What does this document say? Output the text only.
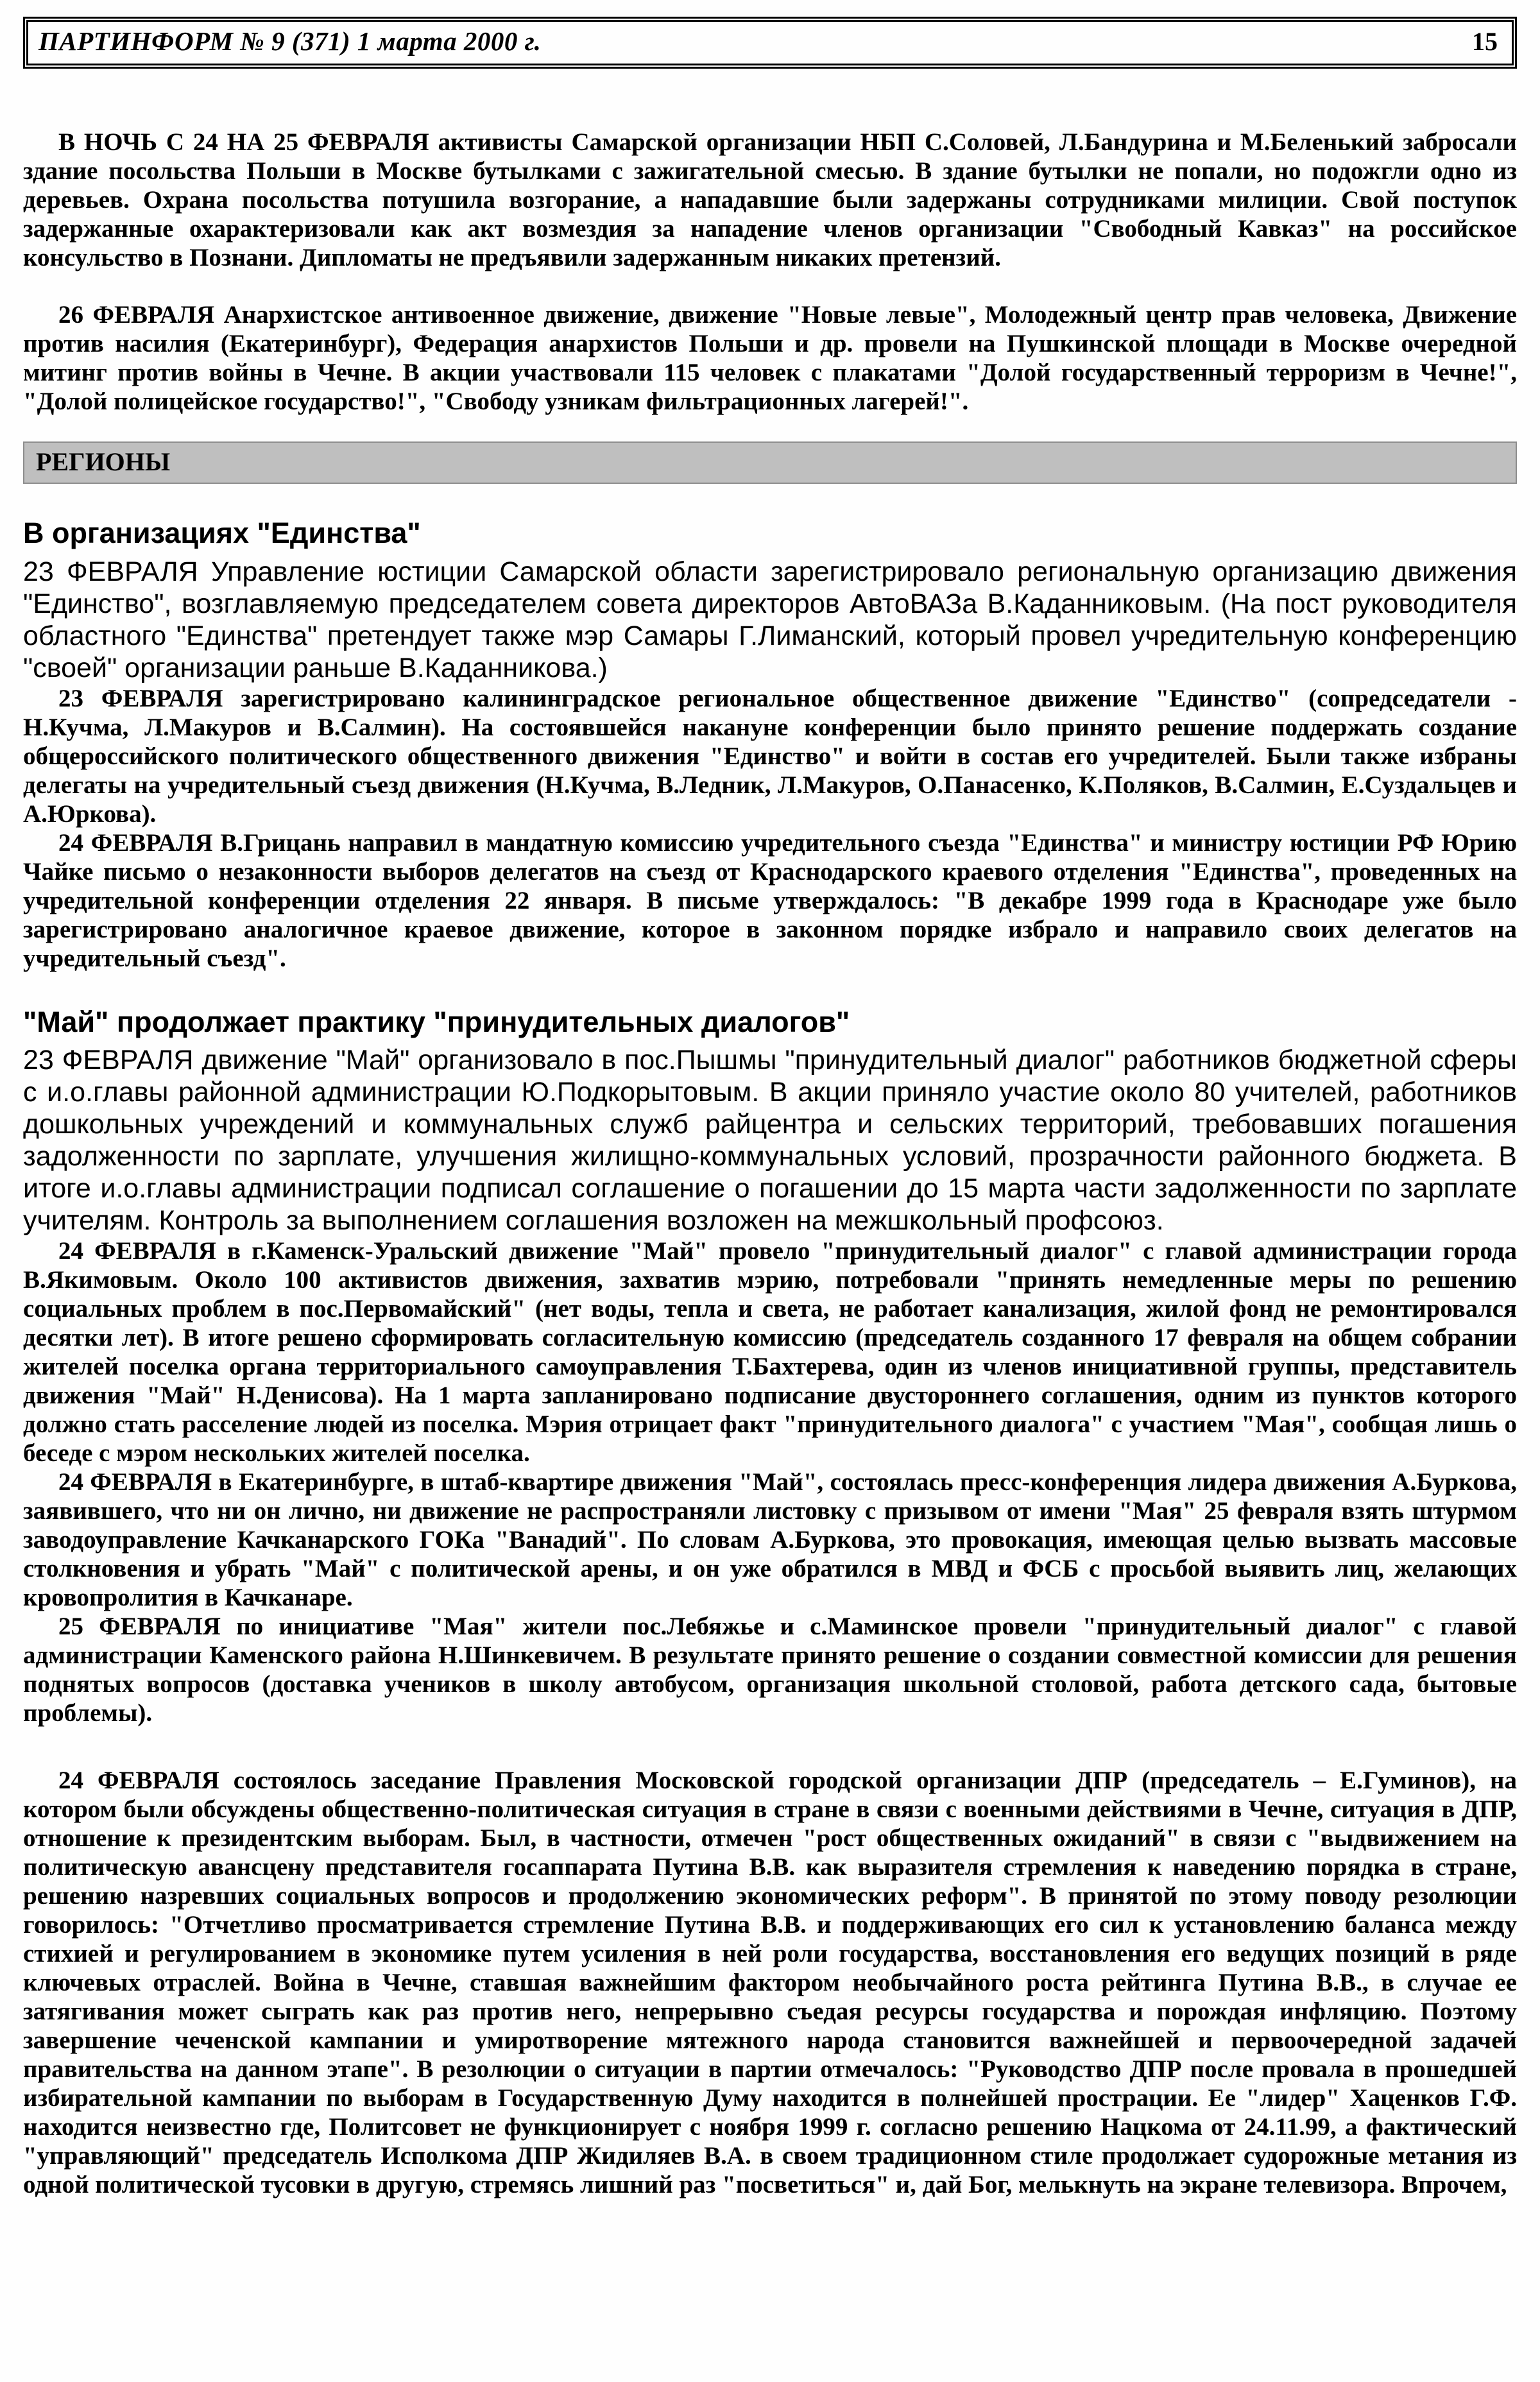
ПАРТИНФОРМ № 9 (371) 1 марта 2000 г.	15

В НОЧЬ С 24 НА 25 ФЕВРАЛЯ активисты Самарской организации НБП С.Соловей, Л.Бандурина и М.Беленький забросали здание посольства Польши в Москве бутылками с зажигательной смесью. В здание бутылки не попали, но подожгли одно из деревьев. Охрана посольства потушила возгорание, а нападавшие были задержаны сотрудниками милиции. Свой поступок задержанные охарактеризовали как акт возмездия за нападение членов организации "Свободный Кавказ" на российское консульство в Познани. Дипломаты не предъявили задержанным никаких претензий.

26 ФЕВРАЛЯ Анархистское антивоенное движение, движение "Новые левые", Молодежный центр прав человека, Движение против насилия (Екатеринбург), Федерация анархистов Польши и др. провели на Пушкинской площади в Москве очередной митинг против войны в Чечне. В акции участвовали 115 человек с плакатами "Долой государственный терроризм в Чечне!", "Долой полицейское государство!", "Свободу узникам фильтрационных лагерей!".

РЕГИОНЫ
В организациях "Единства"

23 ФЕВРАЛЯ Управление юстиции Самарской области зарегистрировало региональную организацию движения "Единство", возглавляемую председателем совета директоров АвтоВАЗа В.Каданниковым. (На пост руководителя областного "Единства" претендует также мэр Самары Г.Лиманский, который провел учредительную конференцию "своей" организации раньше В.Каданникова.)

23 ФЕВРАЛЯ зарегистрировано калининградское региональное общественное движение "Единство" (сопредседатели - Н.Кучма, Л.Макуров и В.Салмин). На состоявшейся накануне конференции было принято решение поддержать создание общероссийского политического общественного движения "Единство" и войти в состав его учредителей. Были также избраны делегаты на учредительный съезд движения (Н.Кучма, В.Ледник, Л.Макуров, О.Панасенко, К.Поляков, В.Салмин, Е.Суздальцев и А.Юркова).

24 ФЕВРАЛЯ В.Грицань направил в мандатную комиссию учредительного съезда "Единства" и министру юстиции РФ Юрию Чайке письмо о незаконности выборов делегатов на съезд от Краснодарского краевого отделения "Единства", проведенных на учредительной конференции отделения 22 января. В письме утверждалось: "В декабре 1999 года в Краснодаре уже было зарегистрировано аналогичное краевое движение, которое в законном порядке избрало и направило своих делегатов на учредительный съезд".

"Май" продолжает практику "принудительных диалогов"

23 ФЕВРАЛЯ движение "Май" организовало в пос.Пышмы "принудительный диалог" работников бюджетной сферы с и.о.главы районной администрации Ю.Подкорытовым. В акции приняло участие около 80 учителей, работников дошкольных учреждений и коммунальных служб райцентра и сельских территорий, требовавших погашения задолженности по зарплате, улучшения жилищно-коммунальных условий, прозрачности районного бюджета. В итоге и.о.главы администрации подписал соглашение о погашении до 15 марта части задолженности по зарплате учителям. Контроль за выполнением соглашения возложен на межшкольный профсоюз.

24 ФЕВРАЛЯ в г.Каменск-Уральский движение "Май" провело "принудительный диалог" с главой администрации города В.Якимовым. Около 100 активистов движения, захватив мэрию, потребовали "принять немедленные меры по решению социальных проблем в пос.Первомайский" (нет воды, тепла и света, не работает канализация, жилой фонд не ремонтировался десятки лет). В итоге решено сформировать согласительную комиссию (председатель созданного 17 февраля на общем собрании жителей поселка органа территориального самоуправления Т.Бахтерева, один из членов инициативной группы, представитель движения "Май" Н.Денисова). На 1 марта запланировано подписание двустороннего соглашения, одним из пунктов которого должно стать расселение людей из поселка. Мэрия отрицает факт "принудительного диалога" с участием "Мая", сообщая лишь о беседе с мэром нескольких жителей поселка.

24 ФЕВРАЛЯ в Екатеринбурге, в штаб-квартире движения "Май", состоялась пресс-конференция лидера движения А.Буркова, заявившего, что ни он лично, ни движение не распространяли листовку с призывом от имени "Мая" 25 февраля взять штурмом заводоуправление Качканарского ГОКа "Ванадий". По словам А.Буркова, это провокация, имеющая целью вызвать массовые столкновения и убрать "Май" с политической арены, и он уже обратился в МВД и ФСБ с просьбой выявить лиц, желающих кровопролития в Качканаре.

25 ФЕВРАЛЯ по инициативе "Мая" жители пос.Лебяжье и с.Маминское провели "принудительный диалог" с главой администрации Каменского района Н.Шинкевичем. В результате принято решение о создании совместной комиссии для решения поднятых вопросов (доставка учеников в школу автобусом, организация школьной столовой, работа детского сада, бытовые проблемы).

24 ФЕВРАЛЯ состоялось заседание Правления Московской городской организации ДПР (председатель – Е.Гуминов), на котором были обсуждены общественно-политическая ситуация в стране в связи с военными действиями в Чечне, ситуация в ДПР, отношение к президентским выборам. Был, в частности, отмечен "рост общественных ожиданий" в связи с "выдвижением на политическую авансцену представителя госаппарата Путина В.В. как выразителя стремления к наведению порядка в стране, решению назревших социальных вопросов и продолжению экономических реформ". В принятой по этому поводу резолюции говорилось: "Отчетливо просматривается стремление Путина В.В. и поддерживающих его сил к установлению баланса между стихией и регулированием в экономике путем усиления в ней роли государства, восстановления его ведущих позиций в ряде ключевых отраслей. Война в Чечне, ставшая важнейшим фактором необычайного роста рейтинга Путина В.В., в случае ее затягивания может сыграть как раз против него, непрерывно съедая ресурсы государства и порождая инфляцию. Поэтому завершение чеченской кампании и умиротворение мятежного народа становится важнейшей и первоочередной задачей правительства на данном этапе". В резолюции о ситуации в партии отмечалось: "Руководство ДПР после провала в прошедшей избирательной кампании по выборам в Государственную Думу находится в полнейшей прострации. Ее "лидер" Хаценков Г.Ф. находится неизвестно где, Политсовет не функционирует с ноября 1999 г. согласно решению Нацкома от 24.11.99, а фактический "управляющий" председатель Исполкома ДПР Жидиляев В.А. в своем традиционном стиле продолжает судорожные метания из одной политической тусовки в другую, стремясь лишний раз "посветиться" и, дай Бог, мелькнуть на экране телевизора. Впрочем,
